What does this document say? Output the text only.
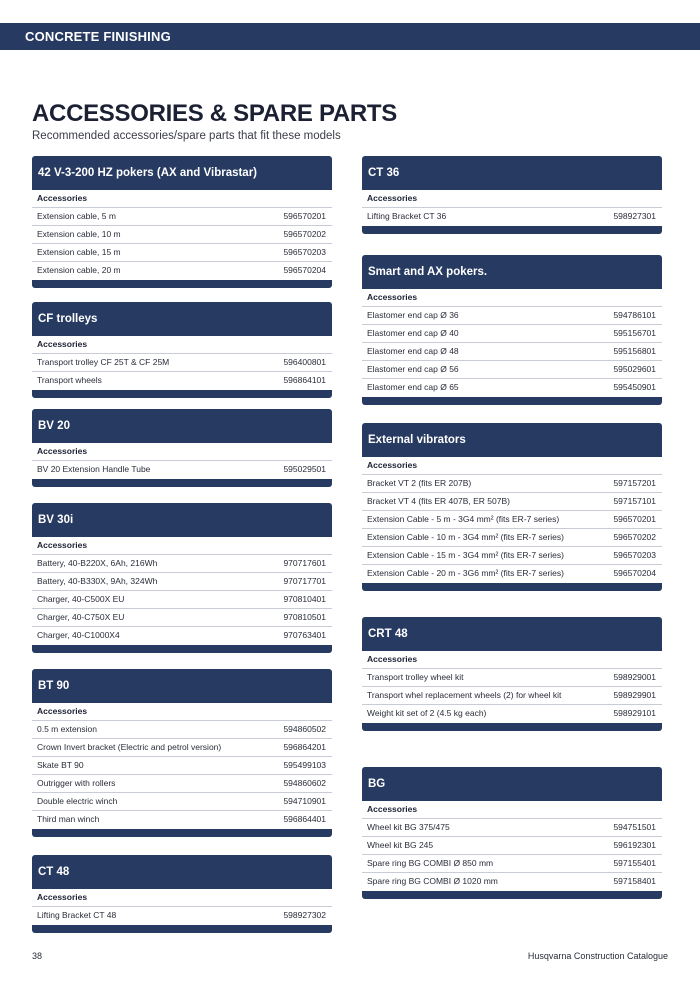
CONCRETE FINISHING
ACCESSORIES & SPARE PARTS
Recommended accessories/spare parts that fit these models
42 V-3-200 HZ pokers (AX and Vibrastar)
Accessories
Extension cable, 5 m	596570201
Extension cable, 10 m	596570202
Extension cable, 15 m	596570203
Extension cable, 20 m	596570204
CF trolleys
Accessories
Transport trolley CF 25T & CF 25M	596400801
Transport wheels	596864101
BV 20
Accessories
BV 20 Extension Handle Tube	595029501
BV 30i
Accessories
Battery, 40-B220X, 6Ah, 216Wh	970717601
Battery, 40-B330X, 9Ah, 324Wh	970717701
Charger, 40-C500X EU	970810401
Charger, 40-C750X EU	970810501
Charger, 40-C1000X4	970763401
BT 90
Accessories
0.5 m extension	594860502
Crown Invert bracket (Electric and petrol version)	596864201
Skate BT 90	595499103
Outrigger with rollers	594860602
Double electric winch	594710901
Third man winch	596864401
CT 48
Accessories
Lifting Bracket CT 48	598927302
CT 36
Accessories
Lifting Bracket CT 36	598927301
Smart and AX pokers.
Accessories
Elastomer end cap Ø 36	594786101
Elastomer end cap Ø 40	595156701
Elastomer end cap Ø 48	595156801
Elastomer end cap Ø 56	595029601
Elastomer end cap Ø 65	595450901
External vibrators
Accessories
Bracket VT 2 (fits ER 207B)	597157201
Bracket VT 4 (fits ER 407B, ER 507B)	597157101
Extension Cable - 5 m - 3G4 mm² (fits ER-7 series)	596570201
Extension Cable - 10 m - 3G4 mm² (fits ER-7 series)	596570202
Extension Cable - 15 m - 3G4 mm² (fits ER-7 series)	596570203
Extension Cable - 20 m - 3G6 mm² (fits ER-7 series)	596570204
CRT 48
Accessories
Transport trolley wheel kit	598929001
Transport whel replacement wheels (2) for wheel kit	598929901
Weight kit set of 2 (4.5 kg each)	598929101
BG
Accessories
Wheel kit BG 375/475	594751501
Wheel kit BG 245	596192301
Spare ring BG COMBI Ø 850 mm	597155401
Spare ring BG COMBI Ø 1020 mm	597158401
38	Husqvarna Construction Catalogue
